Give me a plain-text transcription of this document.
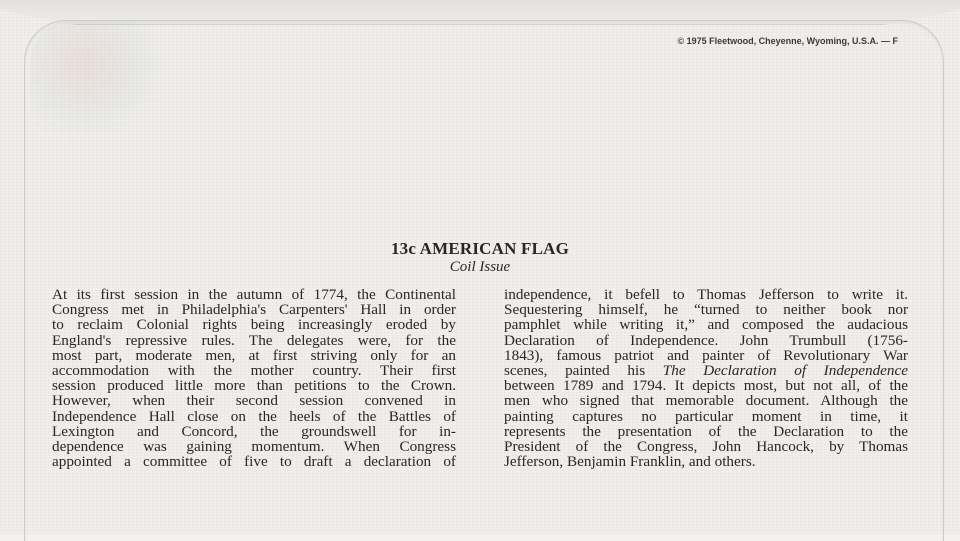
© 1975 Fleetwood, Cheyenne, Wyoming, U.S.A. — F
13c AMERICAN FLAG
Coil Issue
At its first session in the autumn of 1774, the Continental
Congress met in Philadelphia's Carpenters' Hall in order
to reclaim Colonial rights being increasingly eroded by
England's repressive rules. The delegates were, for the
most part, moderate men, at first striving only for an
accommodation with the mother country. Their first
session produced little more than petitions to the Crown.
However, when their second session convened in
Independence Hall close on the heels of the Battles of
Lexington and Concord, the groundswell for in-
dependence was gaining momentum. When Congress
appointed a committee of five to draft a declaration of
independence, it befell to Thomas Jefferson to write it.
Sequestering himself, he “turned to neither book nor
pamphlet while writing it,” and composed the audacious
Declaration of Independence. John Trumbull (1756-
1843), famous patriot and painter of Revolutionary War
scenes, painted his The Declaration of Independence
between 1789 and 1794. It depicts most, but not all, of the
men who signed that memorable document. Although the
painting captures no particular moment in time, it
represents the presentation of the Declaration to the
President of the Congress, John Hancock, by Thomas
Jefferson, Benjamin Franklin, and others.
